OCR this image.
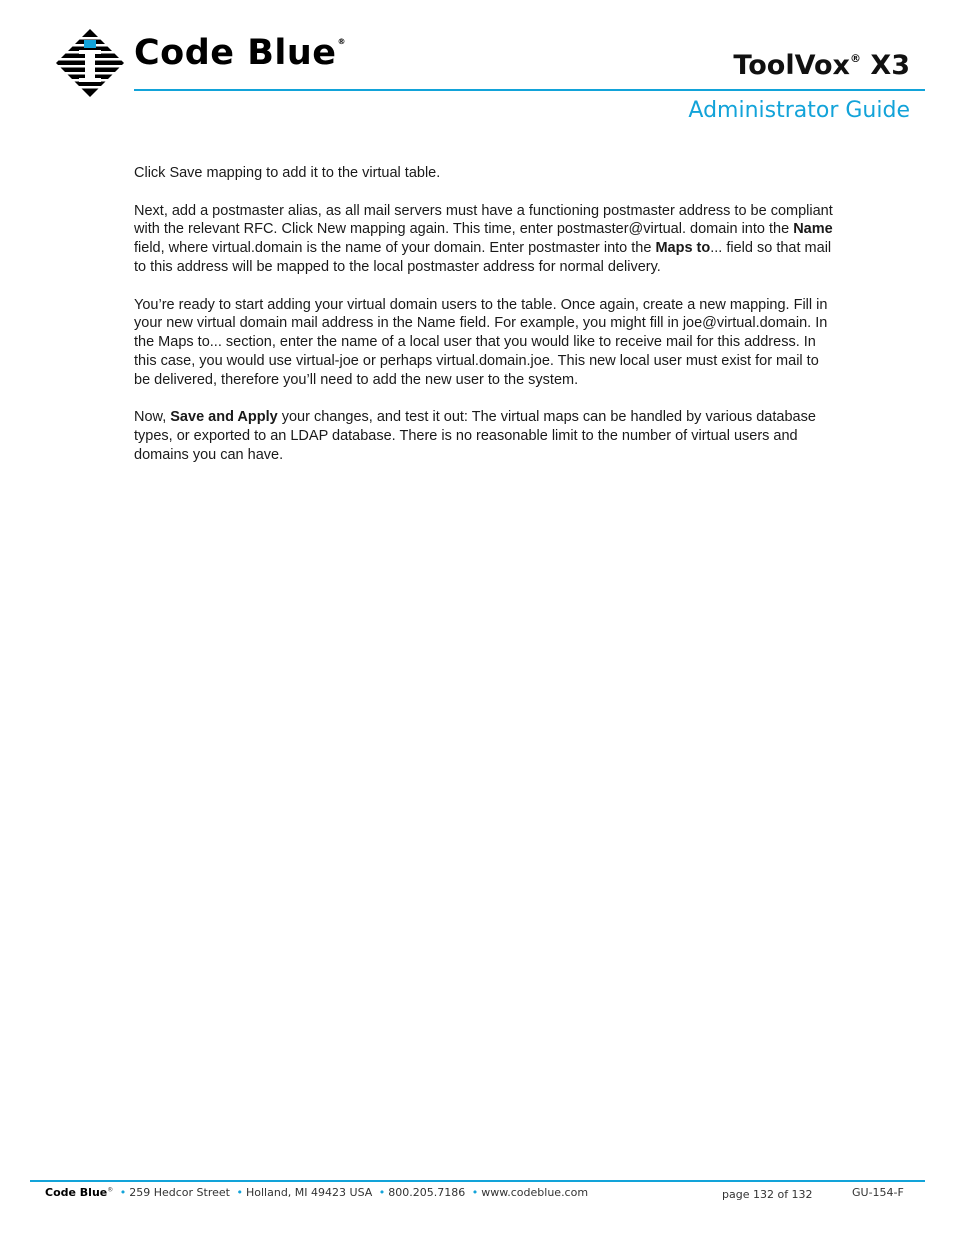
Code Blue®
ToolVox® X3
Administrator Guide

Click Save mapping to add it to the virtual table.

Next, add a postmaster alias, as all mail servers must have a functioning postmaster address to be compliant with the relevant RFC. Click New mapping again. This time, enter postmaster@virtual. domain into the Name field, where virtual.domain is the name of your domain. Enter postmaster into the Maps to... field so that mail to this address will be mapped to the local postmaster address for normal delivery.

You’re ready to start adding your virtual domain users to the table. Once again, create a new mapping. Fill in your new virtual domain mail address in the Name field. For example, you might fill in joe@virtual.domain. In the Maps to... section, enter the name of a local user that you would like to receive mail for this address. In this case, you would use virtual-joe or perhaps virtual.domain.joe. This new local user must exist for mail to be delivered, therefore you’ll need to add the new user to the system.

Now, Save and Apply your changes, and test it out: The virtual maps can be handled by various database types, or exported to an LDAP database. There is no reasonable limit to the number of virtual users and domains you can have.

Code Blue® • 259 Hedcor Street • Holland, MI 49423 USA • 800.205.7186 • www.codeblue.com	page 132 of 132	GU-154-F
